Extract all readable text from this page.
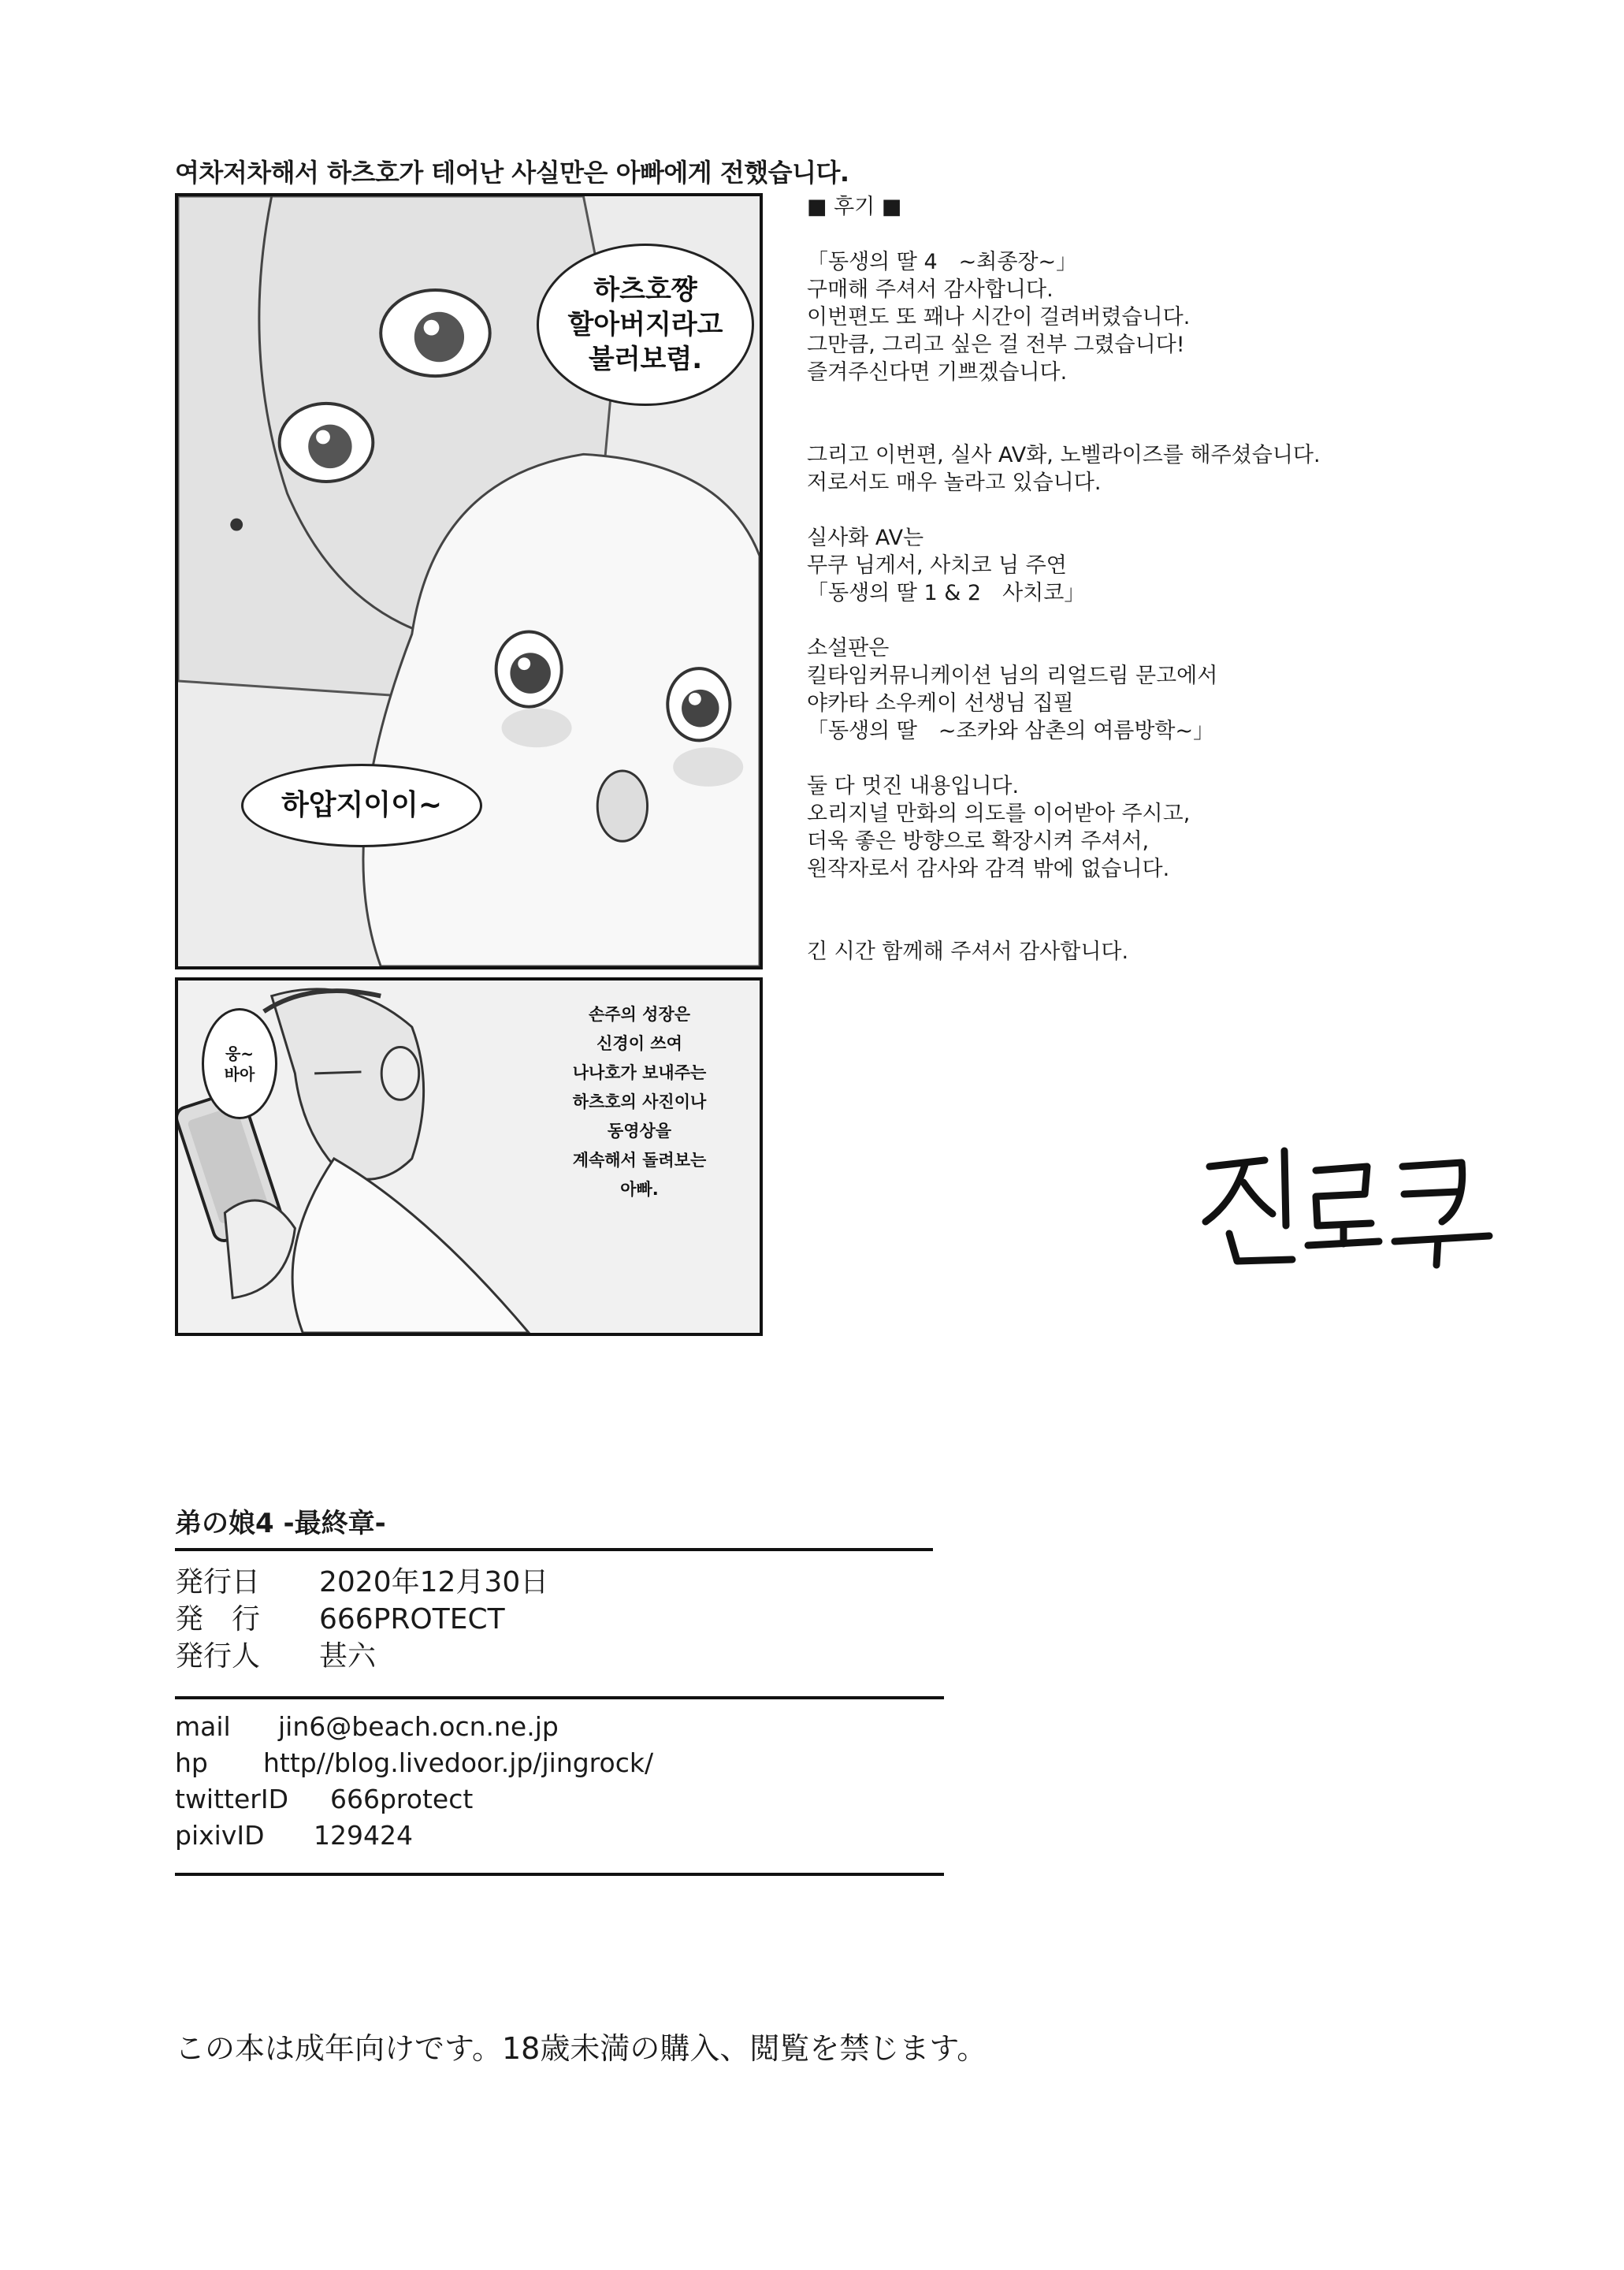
여차저차해서 하츠호가 테어난 사실만은 아빠에게 전했습니다.
하츠호쨩
할아버지라고
불러보렴.
하압지이이~
웅~
바아
손주의 성장은
신경이 쓰여
나나호가 보내주는
하츠호의 사진이나
동영상을
계속해서 돌려보는
아빠.
■ 후기 ■

「동생의 딸 4　~최종장~」
구매해 주셔서 감사합니다.
이번편도 또 꽤나 시간이 걸려버렸습니다.
그만큼, 그리고 싶은 걸 전부 그렸습니다!
즐겨주신다면 기쁘겠습니다.

그리고 이번편, 실사 AV화, 노벨라이즈를 해주셨습니다.
저로서도 매우 놀라고 있습니다.

실사화 AV는
무쿠 님게서, 사치코 님 주연
「동생의 딸 1 & 2　사치코」

소설판은
킬타임커뮤니케이션 님의 리얼드림 문고에서
야카타 소우케이 선생님 집필
「동생의 딸　~조카와 삼촌의 여름방학~」

둘 다 멋진 내용입니다.
오리지널 만화의 의도를 이어받아 주시고,
더욱 좋은 방향으로 확장시켜 주셔서,
원작자로서 감사와 감격 밖에 없습니다.

긴 시간 함께해 주셔서 감사합니다.
弟の娘4 -最終章-
発行日 2020年12月30日
発　行 666PROTECT
発行人 甚六
mail jin6@beach.ocn.ne.jp
hp http//blog.livedoor.jp/jingrock/
twitterID 666protect
pixivID 129424
この本は成年向けです。18歳未満の購入、閲覧を禁じます。
